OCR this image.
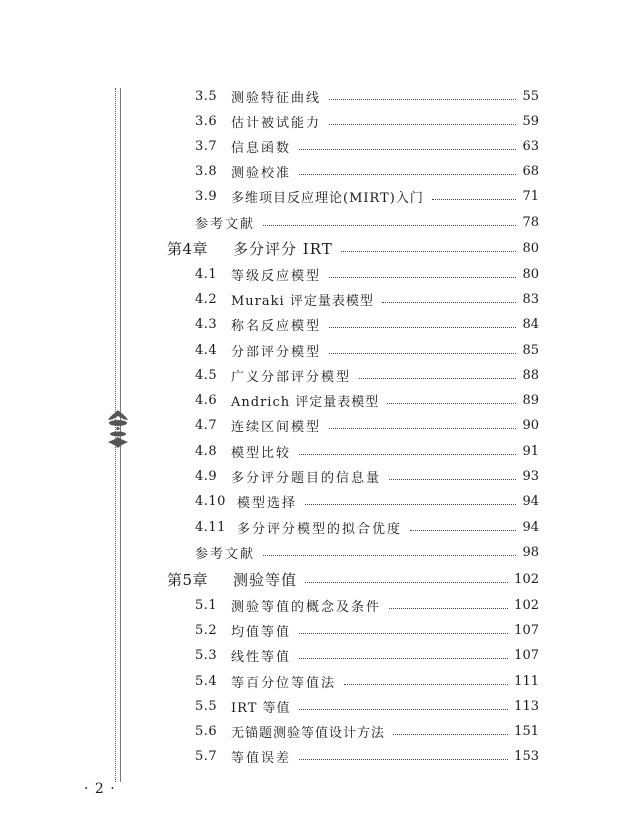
3.5	测验特征曲线	55
3.6	估计被试能力	59
3.7	信息函数	63
3.8	测验校准	68
3.9	多维项目反应理论(MIRT)入门	71
参考文献	78
第4章	多分评分 IRT	80
4.1	等级反应模型	80
4.2	Muraki 评定量表模型	83
4.3	称名反应模型	84
4.4	分部评分模型	85
4.5	广义分部评分模型	88
4.6	Andrich 评定量表模型	89
4.7	连续区间模型	90
4.8	模型比较	91
4.9	多分评分题目的信息量	93
4.10 模型选择	94
4.11 多分评分模型的拟合优度	94
参考文献	98
第5章	测验等值	102
5.1	测验等值的概念及条件	102
5.2	均值等值	107
5.3	线性等值	107
5.4	等百分位等值法	111
5.5	IRT 等值	113
5.6	无锚题测验等值设计方法	151
5.7	等值误差	153
· 2 ·
